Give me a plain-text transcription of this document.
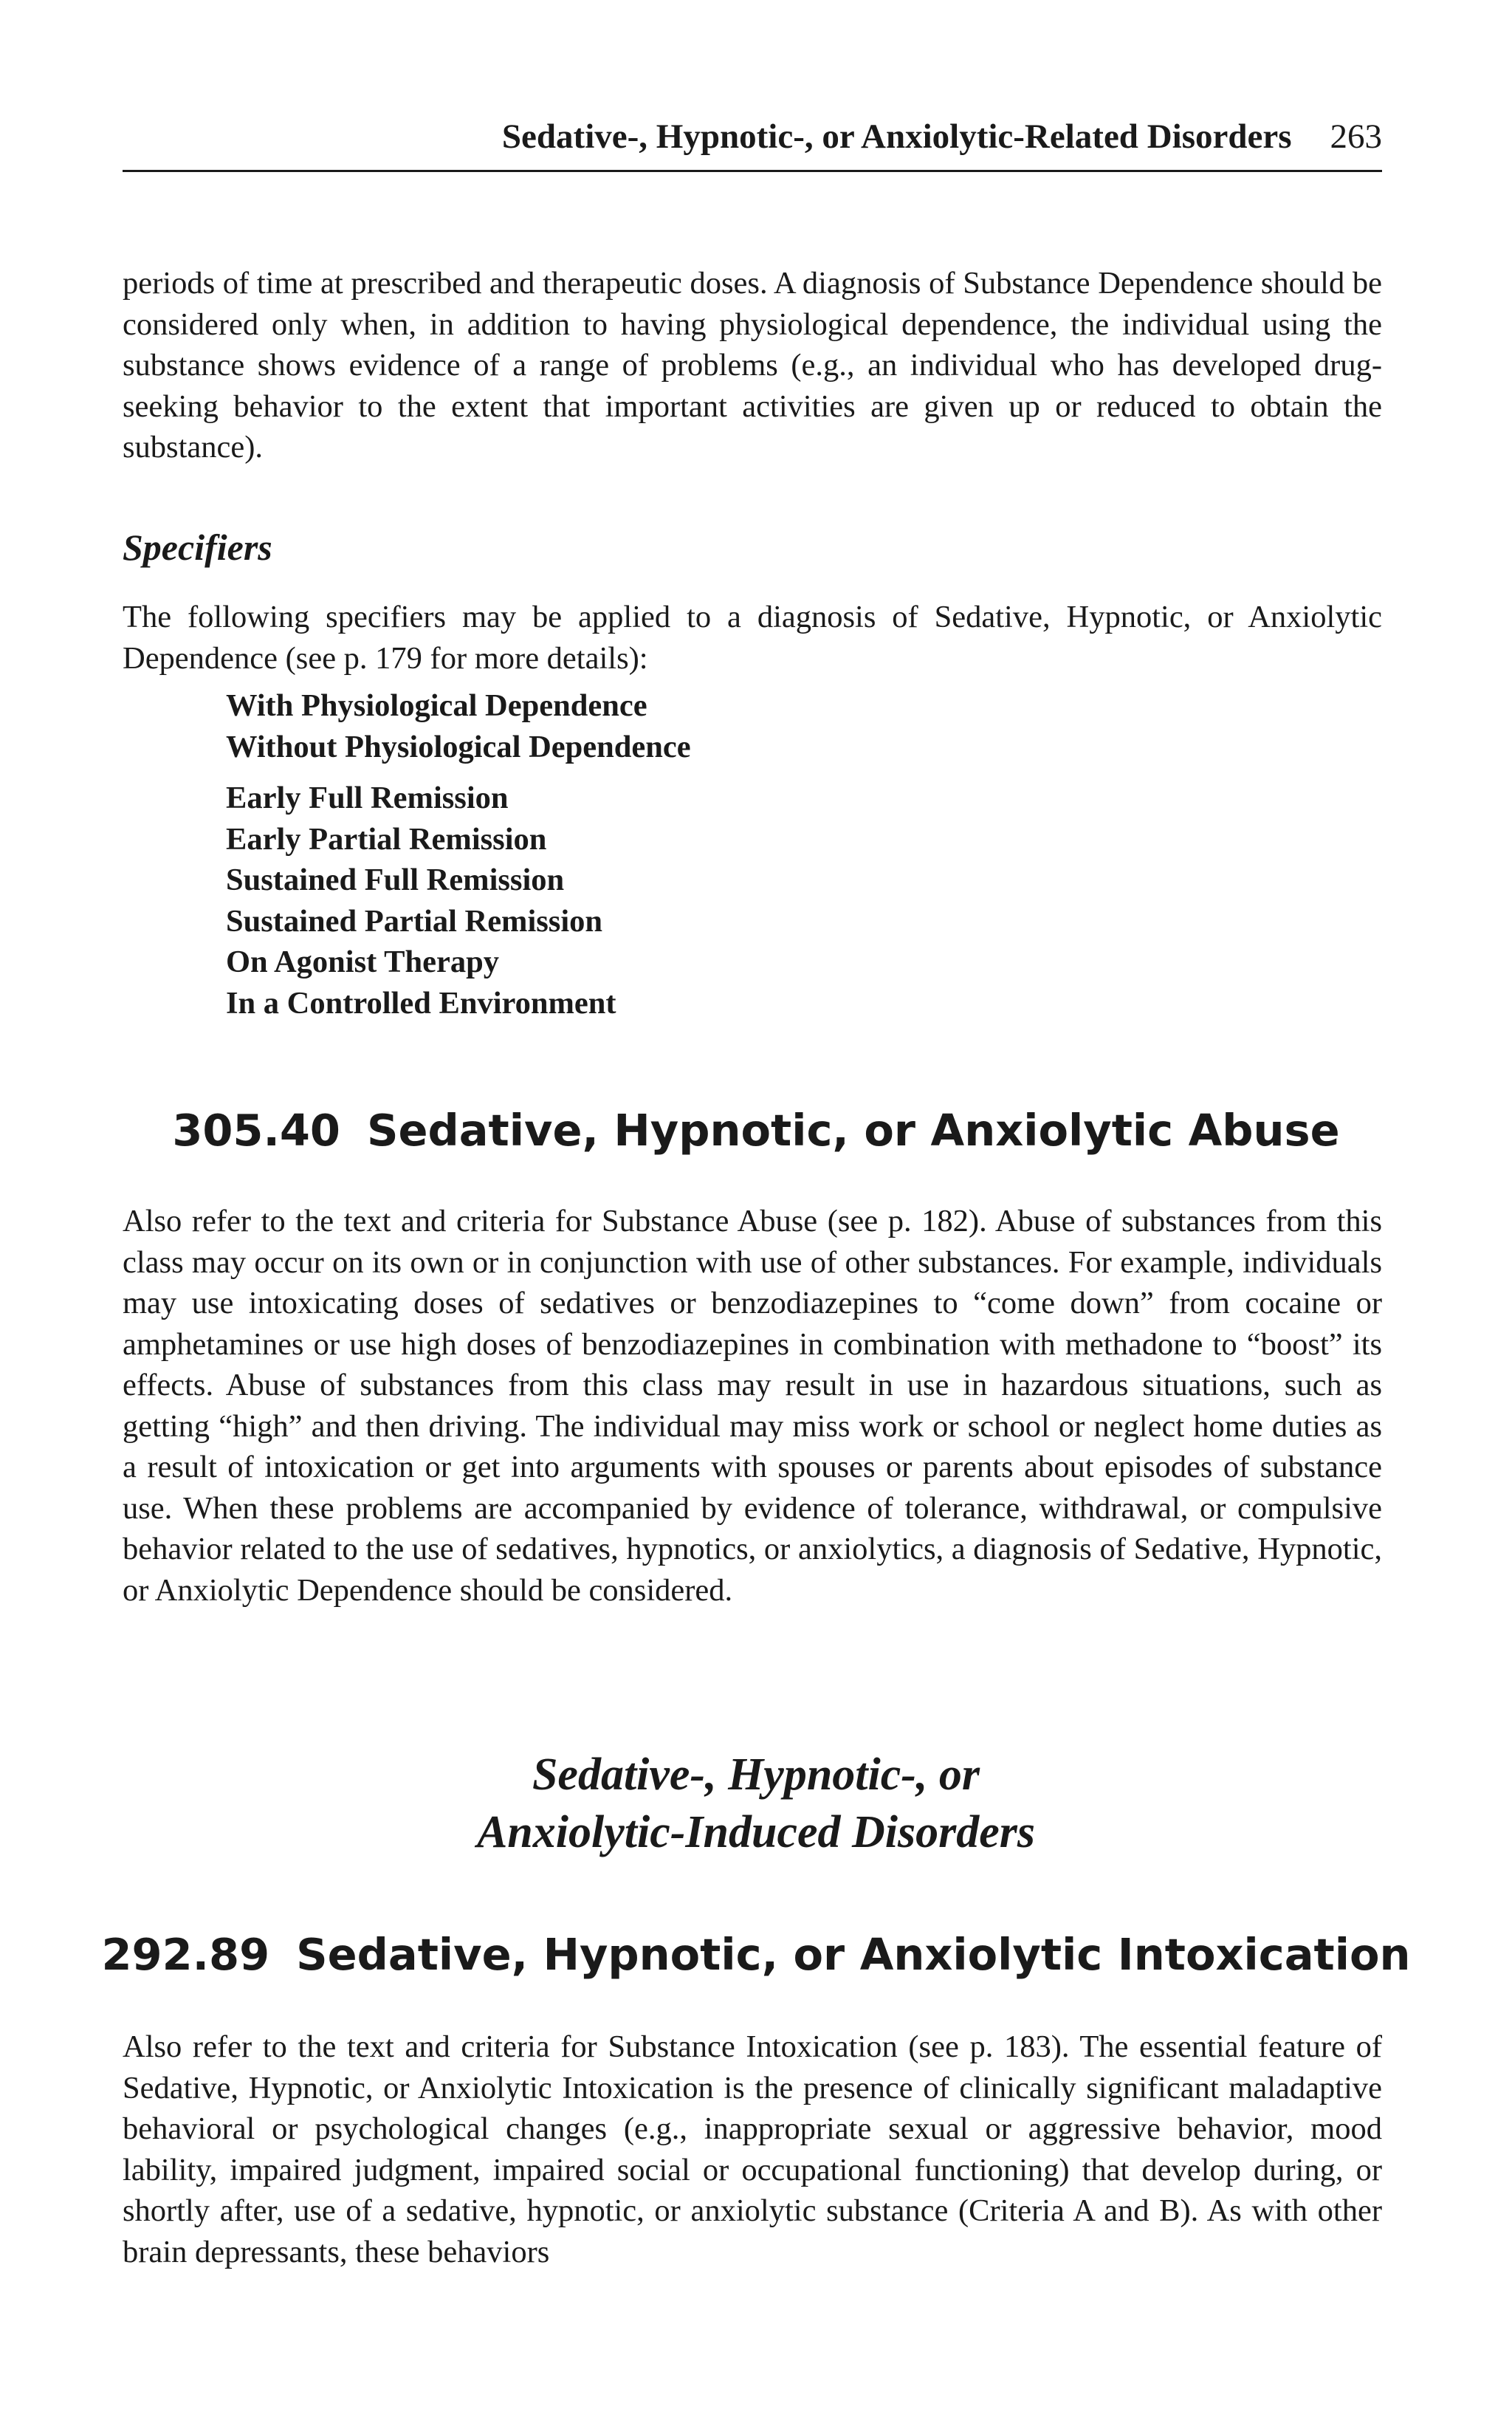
Sedative-, Hypnotic-, or Anxiolytic-Related Disorders 263
periods of time at prescribed and therapeutic doses. A diagnosis of Substance Dependence should be considered only when, in addition to having physiological dependence, the individual using the substance shows evidence of a range of problems (e.g., an individual who has developed drug-seeking behavior to the extent that important activities are given up or reduced to obtain the substance).
Specifiers
The following specifiers may be applied to a diagnosis of Sedative, Hypnotic, or Anxiolytic Dependence (see p. 179 for more details):
With Physiological Dependence
Without Physiological Dependence
Early Full Remission
Early Partial Remission
Sustained Full Remission
Sustained Partial Remission
On Agonist Therapy
In a Controlled Environment
305.40 Sedative, Hypnotic, or Anxiolytic Abuse
Also refer to the text and criteria for Substance Abuse (see p. 182). Abuse of substances from this class may occur on its own or in conjunction with use of other substances. For example, individuals may use intoxicating doses of sedatives or benzodiazepines to “come down” from cocaine or amphetamines or use high doses of benzodiazepines in combination with methadone to “boost” its effects. Abuse of substances from this class may result in use in hazardous situations, such as getting “high” and then driving. The individual may miss work or school or neglect home duties as a result of intoxication or get into arguments with spouses or parents about episodes of substance use. When these problems are accompanied by evidence of tolerance, withdrawal, or compulsive behavior related to the use of sedatives, hypnotics, or anxiolytics, a diagnosis of Sedative, Hypnotic, or Anxiolytic Dependence should be considered.
Sedative-, Hypnotic-, or
Anxiolytic-Induced Disorders
292.89 Sedative, Hypnotic, or Anxiolytic Intoxication
Also refer to the text and criteria for Substance Intoxication (see p. 183). The essential feature of Sedative, Hypnotic, or Anxiolytic Intoxication is the presence of clinically significant maladaptive behavioral or psychological changes (e.g., inappropriate sexual or aggressive behavior, mood lability, impaired judgment, impaired social or occupational functioning) that develop during, or shortly after, use of a sedative, hypnotic, or anxiolytic substance (Criteria A and B). As with other brain depressants, these behaviors
